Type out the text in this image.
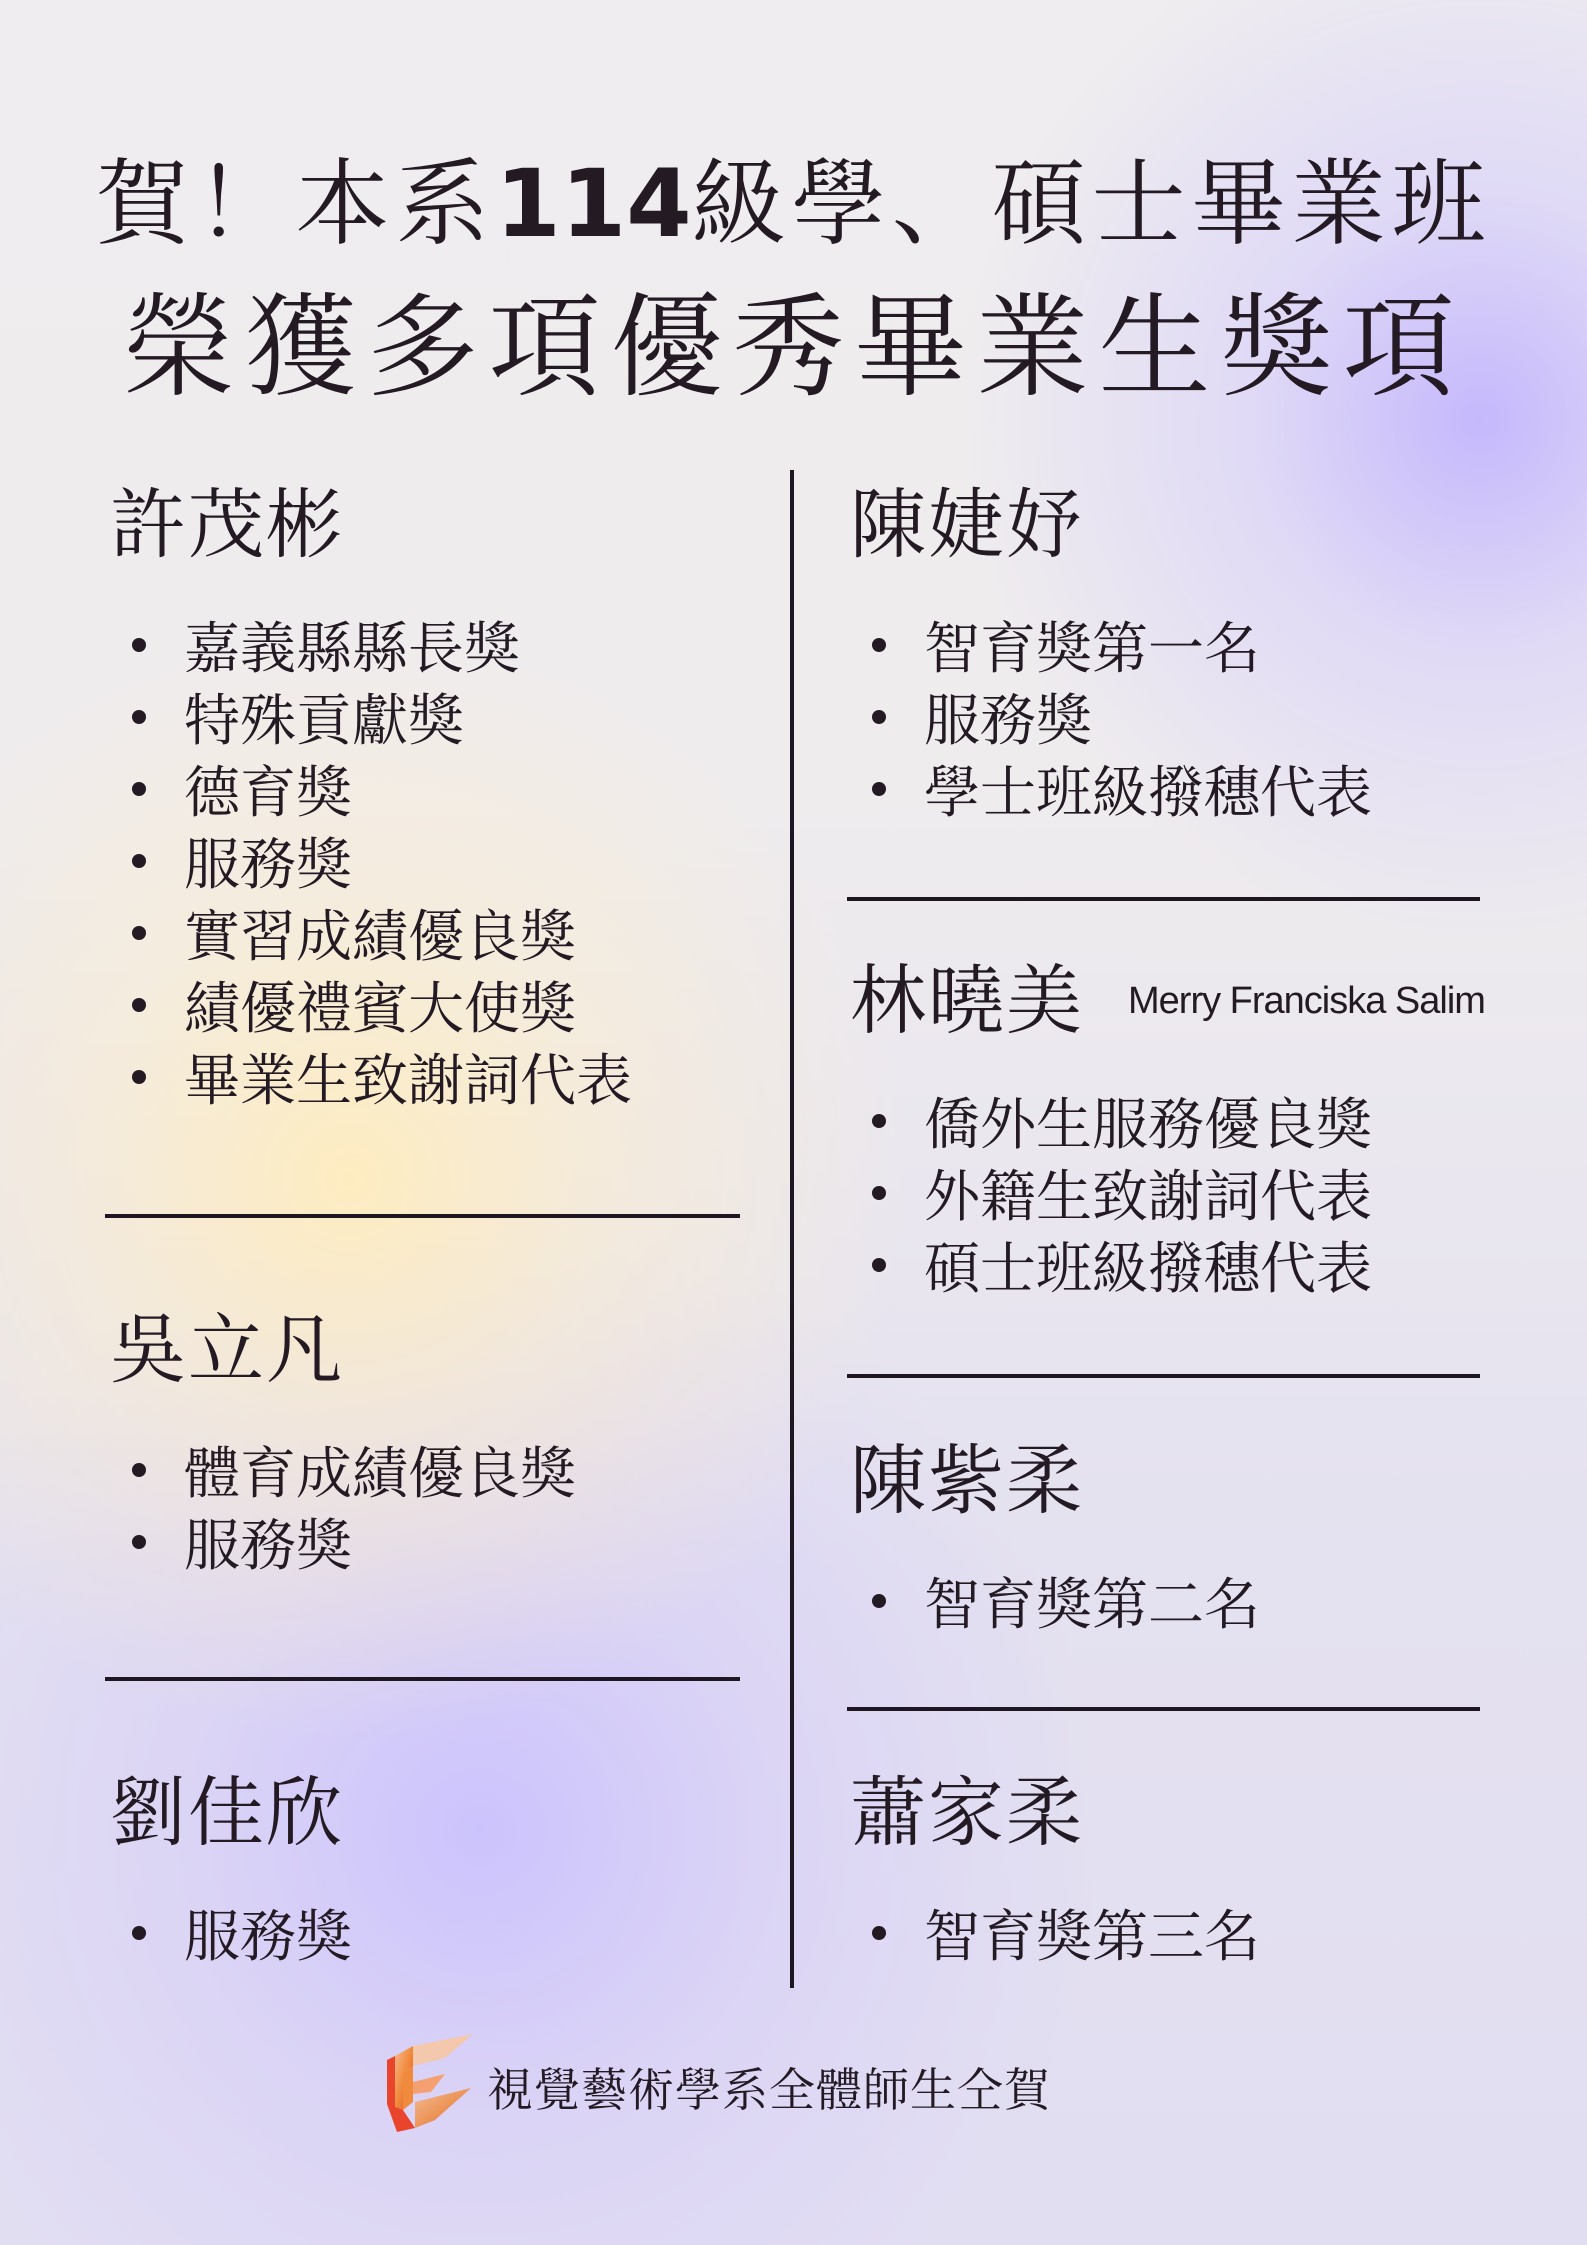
賀！本系114級學、碩士畢業班
榮獲多項優秀畢業生獎項
許茂彬
嘉義縣縣長獎
特殊貢獻獎
德育獎
服務獎
實習成績優良獎
績優禮賓大使獎
畢業生致謝詞代表
吳立凡
體育成績優良獎
服務獎
劉佳欣
服務獎
陳婕妤
智育獎第一名
服務獎
學士班級撥穗代表
林曉美 Merry Franciska Salim
僑外生服務優良獎
外籍生致謝詞代表
碩士班級撥穗代表
陳紫柔
智育獎第二名
蕭家柔
智育獎第三名
視覺藝術學系全體師生仝賀
